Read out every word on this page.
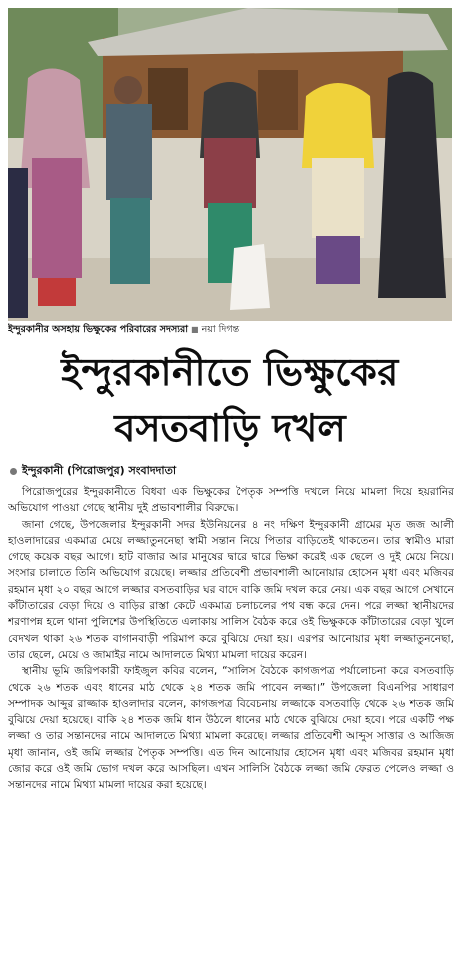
ইন্দুরকানীর অসহায় ভিক্ষুকের পরিবারের সদস্যরা ■ নয়া দিগন্ত
ইন্দুরকানীতে ভিক্ষুকের
বসতবাড়ি দখল
ইন্দুরকানী (পিরোজপুর) সংবাদদাতা

পিরোজপুরের ইন্দুরকানীতে বিধবা এক ভিক্ষুকের পৈতৃক সম্পত্তি দখলে নিয়ে মামলা দিয়ে হয়রানির অভিযোগ পাওয়া গেছে স্থানীয় দুই প্রভাবশালীর বিরুদ্ধে।

জানা গেছে, উপজেলার ইন্দুরকানী সদর ইউনিয়নের ৪ নং দক্ষিণ ইন্দুরকানী গ্রামের মৃত জজ আলী হাওলাদারের একমাত্র মেয়ে লজ্জাতুননেছা স্বামী সন্তান নিয়ে পিতার বাড়িতেই থাকতেন। তার স্বামীও মারা গেছে কয়েক বছর আগে। হাট বাজার আর মানুষের দ্বারে দ্বারে ভিক্ষা করেই এক ছেলে ও দুই মেয়ে নিয়ে। সংসার চালাতে তিনি অভিযোগ রয়েছে। লজ্জার প্রতিবেশী প্রভাবশালী আনোয়ার হোসেন মৃধা এবং মজিবর রহমান মৃধা ২০ বছর আগে লজ্জার বসতবাড়ির ঘর বাদে বাকি জমি দখল করে নেয়। এক বছর আগে সেখানে কাঁটাতারের বেড়া দিয়ে ও বাড়ির রাস্তা কেটে একমাত্র চলাচলের পথ বন্ধ করে দেন। পরে লজ্জা স্থানীয়দের শরণাপন্ন হলে থানা পুলিশের উপস্থিতিতে এলাকায় সালিস বৈঠক করে ওই ভিক্ষুককে কাঁটাতারের বেড়া খুলে বেদখল থাকা ২৬ শতক বাগানবাড়ী পরিমাপ করে বুঝিয়ে দেয়া হয়। এরপর আনোয়ার মৃধা লজ্জাতুননেছা, তার ছেলে, মেয়ে ও জামাইর নামে আদালতে মিথ্যা মামলা দায়ের করেন।

স্থানীয় ভূমি জরিপকারী ফাইজুল কবির বলেন, “সালিস বৈঠকে কাগজপত্র পর্যালোচনা করে বসতবাড়ি থেকে ২৬ শতক এবং ধানের মাঠ থেকে ২৪ শতক জমি পাবেন লজ্জা।” উপজেলা বিএনপির সাধারণ সম্পাদক আব্দুর রাজ্জাক হাওলাদার বলেন, কাগজপত্র বিবেচনায় লজ্জাকে বসতবাড়ি থেকে ২৬ শতক জমি বুঝিয়ে দেয়া হয়েছে। বাকি ২৪ শতক জমি ধান উঠলে ধানের মাঠ থেকে বুঝিয়ে দেয়া হবে। পরে একটি পক্ষ লজ্জা ও তার সন্তানদের নামে আদালতে মিথ্যা মামলা করেছে। লজ্জার প্রতিবেশী আব্দুস সাত্তার ও আজিজ মৃধা জানান, ওই জমি লজ্জার পৈতৃক সম্পত্তি। এত দিন আনোয়ার হোসেন মৃধা এবং মজিবর রহমান মৃধা জোর করে ওই জমি ভোগ দখল করে আসছিল। এখন সালিসি বৈঠকে লজ্জা জমি ফেরত পেলেও লজ্জা ও সন্তানদের নামে মিথ্যা মামলা দায়ের করা হয়েছে।
